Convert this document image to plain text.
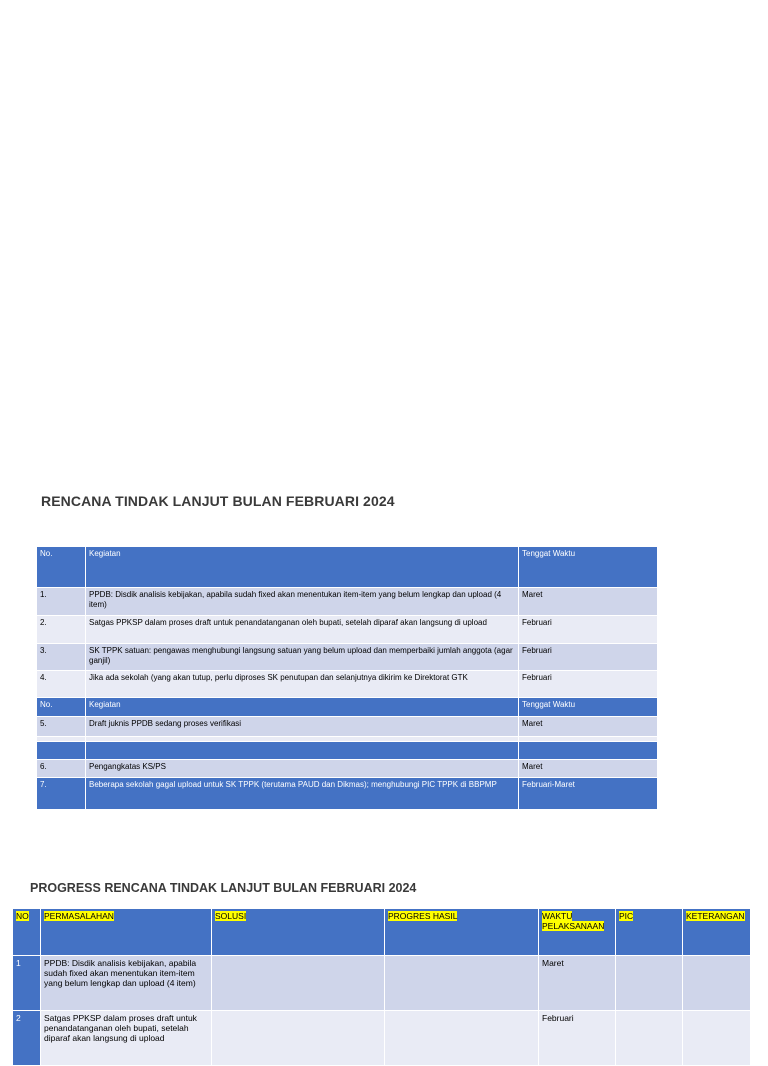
RENCANA TINDAK LANJUT BULAN FEBRUARI 2024
No.	Kegiatan	Tenggat Waktu
1.	PPDB: Disdik analisis kebijakan, apabila sudah fixed akan menentukan item-item yang belum lengkap dan upload (4 item)	Maret
2.	Satgas PPKSP dalam proses draft untuk penandatanganan oleh bupati, setelah diparaf akan langsung di upload	Februari
3.	SK TPPK satuan: pengawas menghubungi langsung satuan yang belum upload dan memperbaiki jumlah anggota (agar ganjil)	Februari
4.	Jika ada sekolah (yang akan tutup, perlu diproses SK penutupan dan selanjutnya dikirim ke Direktorat GTK	Februari
No.	Kegiatan	Tenggat Waktu
5.	Draft juknis PPDB sedang proses verifikasi	Maret

6.	Pengangkatas KS/PS	Maret
7.	Beberapa sekolah gagal upload untuk SK TPPK (terutama PAUD dan Dikmas); menghubungi PIC TPPK di BBPMP	Februari-Maret
PROGRESS RENCANA TINDAK LANJUT BULAN FEBRUARI 2024
NO	PERMASALAHAN	SOLUSI	PROGRES HASIL	WAKTU PELAKSANAAN	PIC	KETERANGAN
1	PPDB: Disdik analisis kebijakan, apabila sudah fixed akan menentukan item-item yang belum lengkap dan upload (4 item)			Maret		
2	Satgas PPKSP dalam proses draft untuk penandatanganan oleh bupati, setelah diparaf akan langsung di upload			Februari		
